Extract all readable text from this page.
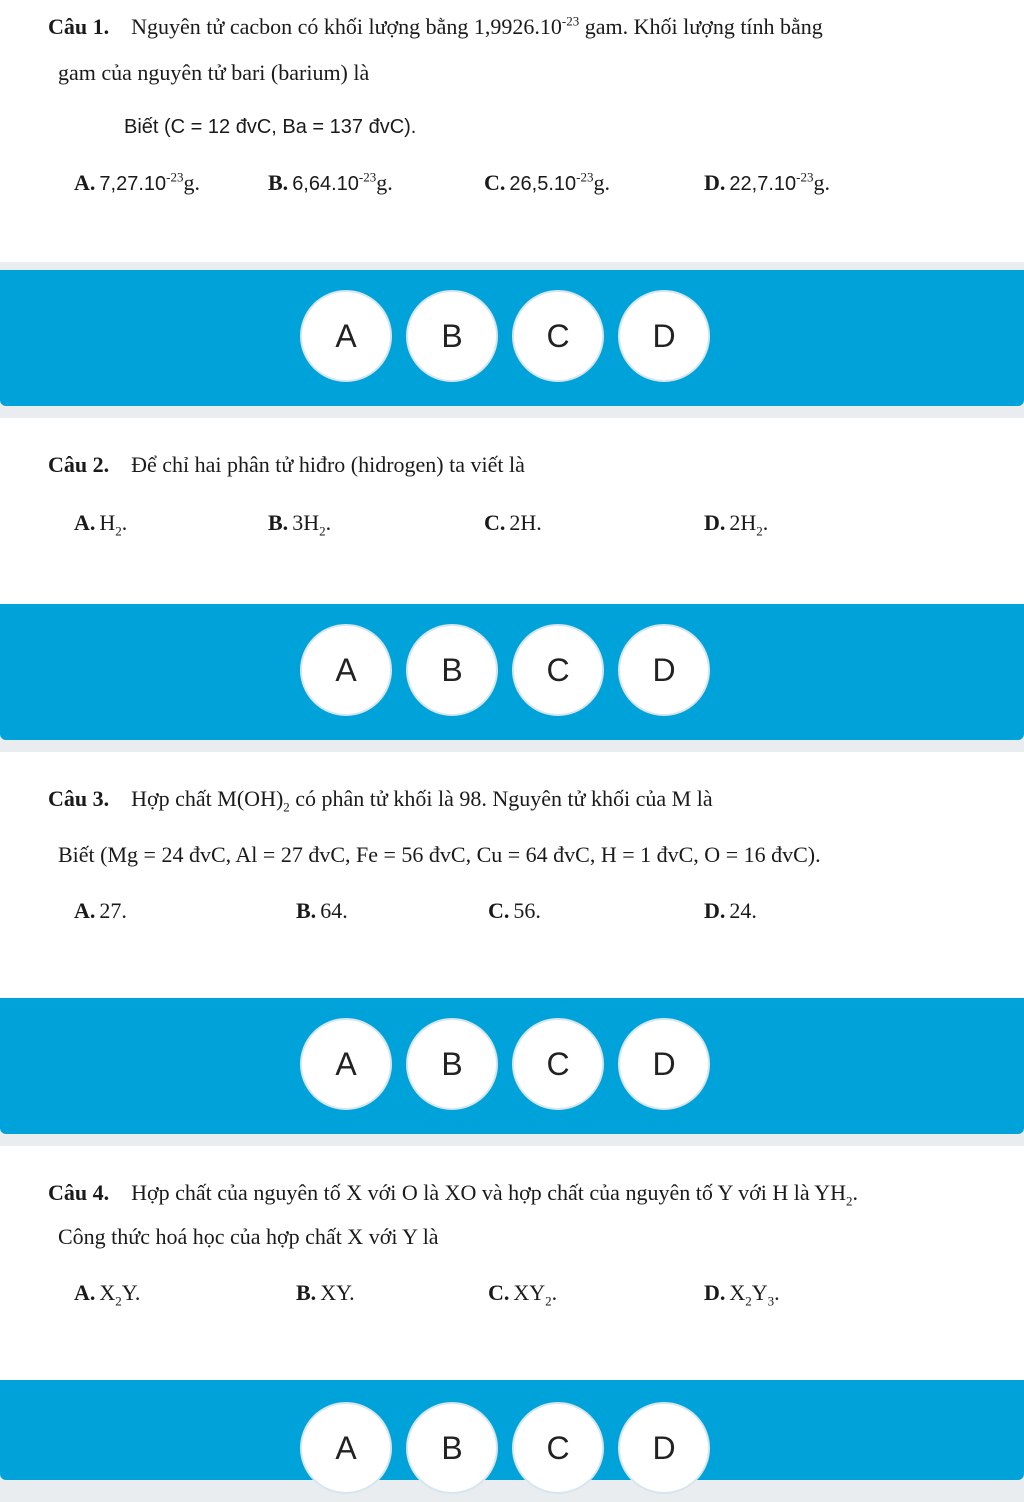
Câu 1. Nguyên tử cacbon có khối lượng bằng $1,9926.10^{-23}$ gam. Khối lượng tính bằng
gam của nguyên tử bari (barium) là
Biết (C = 12 đvC, Ba = 137 đvC).
A. $7,27.10^{-23}g$.	B. $6,64.10^{-23}g$.	C. $26,5.10^{-23}g$.	D. $22,7.10^{-23}g$.
A	B	C	D
Câu 2. Để chỉ hai phân tử hiđro (hidrogen) ta viết là
A. $H_2$.	B. $3H_2$.	C. 2H.	D. $2H_2$.
A	B	C	D
Câu 3. Hợp chất $M(OH)_2$ có phân tử khối là 98. Nguyên tử khối của M là
Biết (Mg = 24 đvC, Al = 27 đvC, Fe = 56 đvC, Cu = 64 đvC, H = 1 đvC, O = 16 đvC).
A. 27.	B. 64.	C. 56.	D. 24.
A	B	C	D
Câu 4. Hợp chất của nguyên tố X với O là XO và hợp chất của nguyên tố Y với H là $YH_2$.
Công thức hoá học của hợp chất X với Y là
A. $X_2Y$.	B. XY.	C. $XY_2$.	D. $X_2Y_3$.
A	B	C	D
